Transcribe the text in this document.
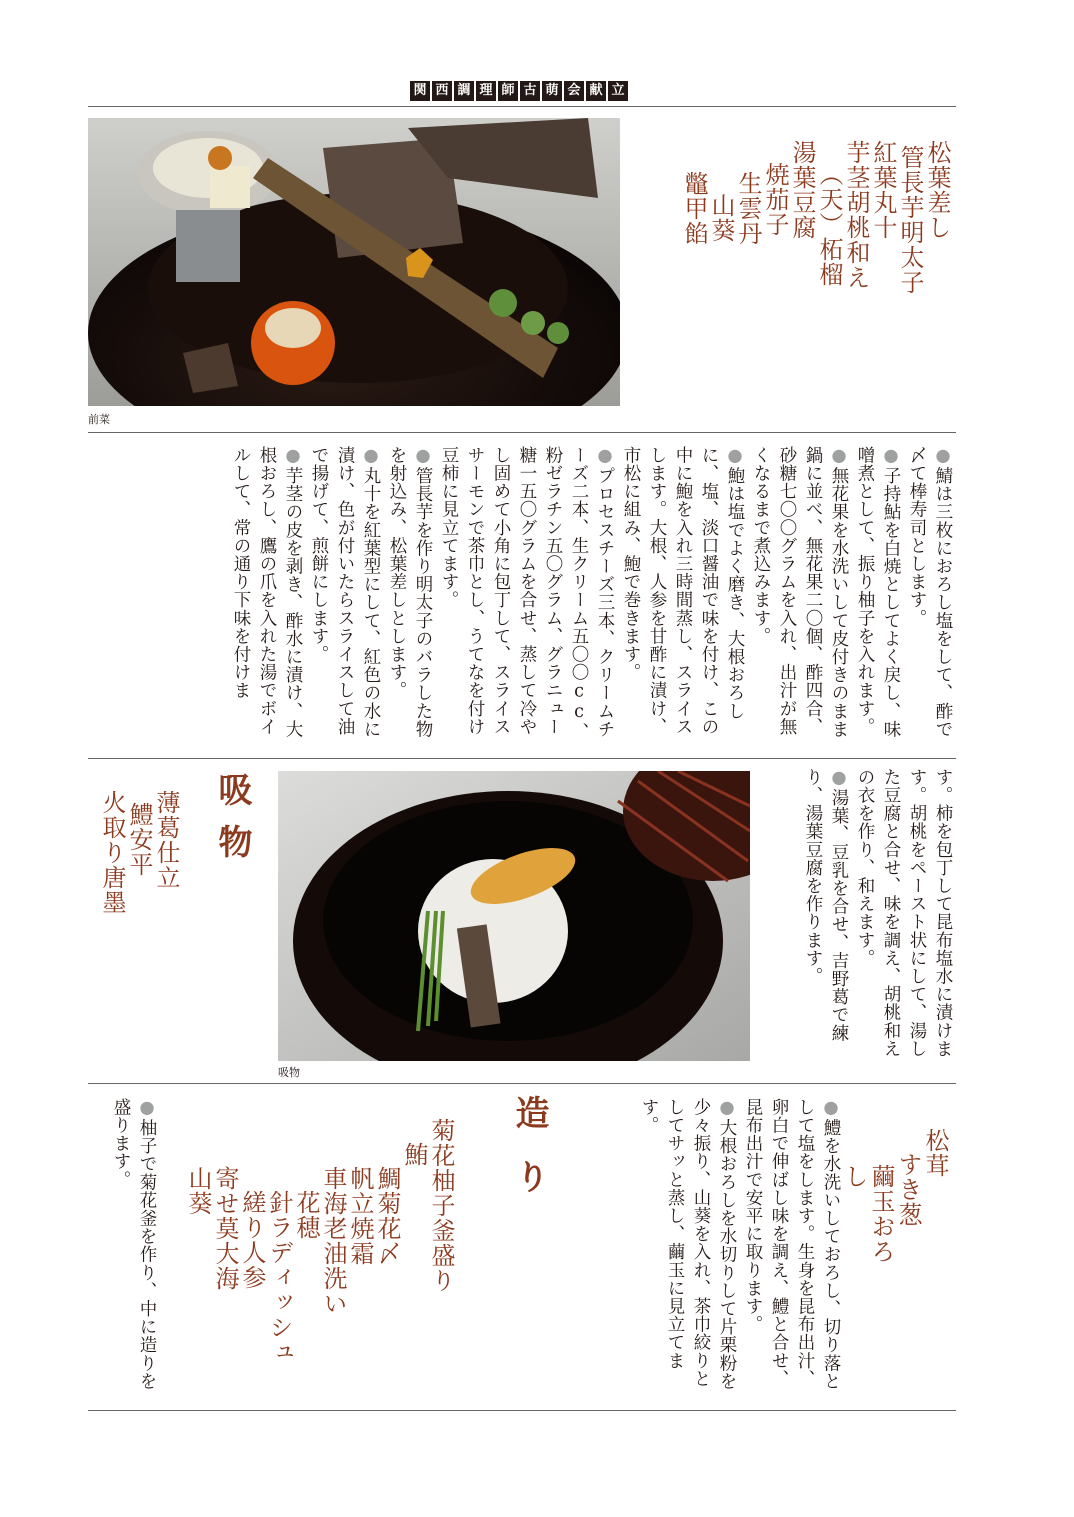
関 西 調 理 師 古 萌 会 献 立
前菜
松葉差し
管長芋明太子
紅葉丸十
芋茎胡桃和え
（天）柘榴
湯葉豆腐
焼茄子
生雲丹
山葵
鼈甲餡

●鯖は三枚におろし塩をして、酢で〆て棒寿司とします。

●子持鮎を白焼としてよく戻し、味噌煮として、振り柚子を入れます。

●無花果を水洗いして皮付きのまま鍋に並べ、無花果二〇個、酢四合、砂糖七〇〇グラムを入れ、出汁が無くなるまで煮込みます。

●鮑は塩でよく磨き、大根おろしに、塩、淡口醤油で味を付け、この中に鮑を入れ三時間蒸し、スライスします。大根、人参を甘酢に漬け、市松に組み、鮑で巻きます。

●プロセスチーズ三本、クリームチーズ二本、生クリーム五〇〇cc、粉ゼラチン五〇グラム、グラニュー糖一五〇グラムを合せ、蒸して冷やし固めて小角に包丁して、スライスサーモンで茶巾とし、うてなを付け豆柿に見立てます。

●管長芋を作り明太子のバラした物を射込み、松葉差しとします。

●丸十を紅葉型にして、紅色の水に漬け、色が付いたらスライスして油で揚げて、煎餅にします。

●芋茎の皮を剥き、酢水に漬け、大根おろし、鷹の爪を入れた湯でボイルして、常の通り下味を付けま

す。柿を包丁して昆布塩水に漬けます。胡桃をペースト状にして、湯した豆腐と合せ、味を調え、胡桃和えの衣を作り、和えます。

●湯葉、豆乳を合せ、吉野葛で練り、湯葉豆腐を作ります。

吸物
吸物
薄葛仕立
鱧安平
火取り唐墨
松茸
すき葱
繭玉おろし

●鱧を水洗いしておろし、切り落として塩をします。生身を昆布出汁、卵白で伸ばし味を調え、鱧と合せ、昆布出汁で安平に取ります。

●大根おろしを水切りして片栗粉を少々振り、山葵を入れ、茶巾絞りとしてサッと蒸し、繭玉に見立てます。

造り
菊花柚子釜盛り
鮪
鯛菊花〆
帆立焼霜
車海老油洗い
花穂
針ラディッシュ
縒り人参
寄せ莫大海
山葵

●柚子で菊花釜を作り、中に造りを盛ります。
